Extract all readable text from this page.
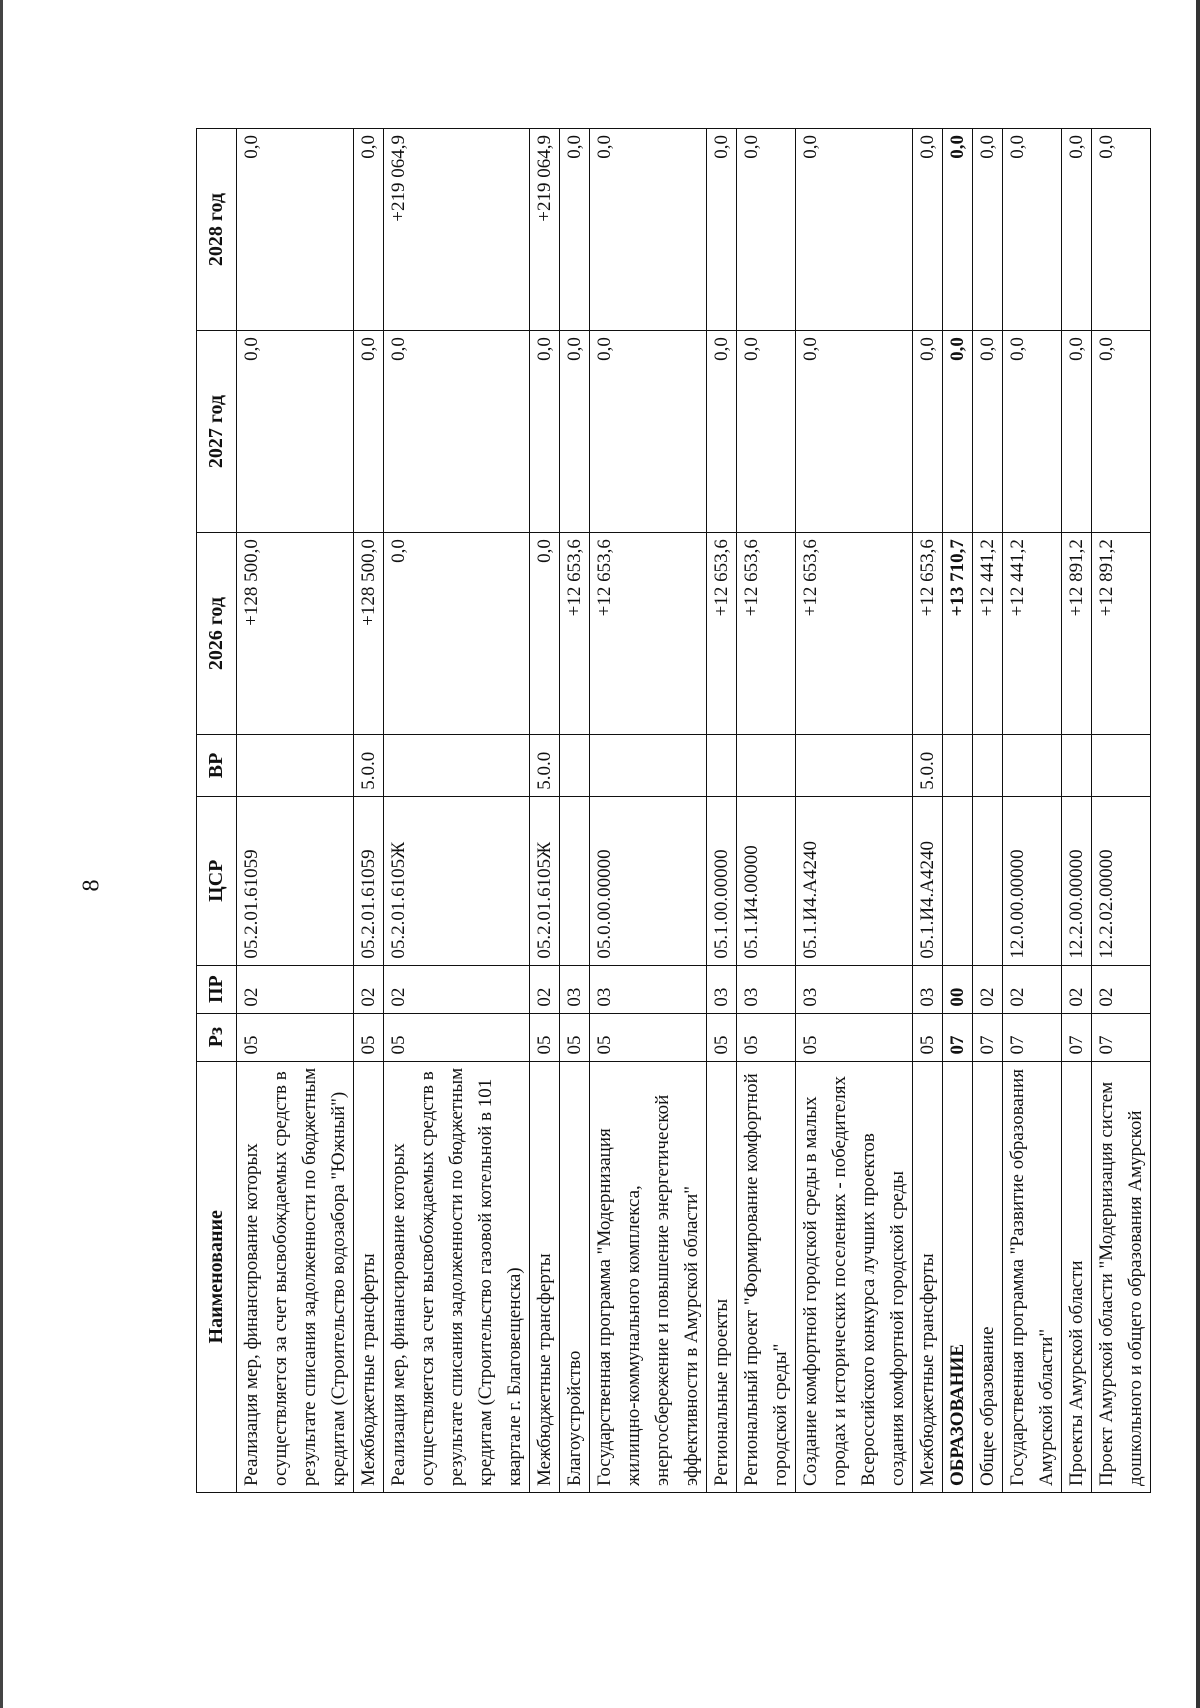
8
Наименование	Рз	ПР	ЦСР	ВР	2026 год	2027 год	2028 год
Реализация мер, финансирование которых осуществляется за счет высвобождаемых средств в результате списания задолженности по бюджетным кредитам (Строительство водозабора "Южный")	05	02	05.2.01.61059		+128 500,0	0,0	0,0
Межбюджетные трансферты	05	02	05.2.01.61059	5.0.0	+128 500,0	0,0	0,0
Реализация мер, финансирование которых осуществляется за счет высвобождаемых средств в результате списания задолженности по бюджетным кредитам (Строительство газовой котельной в 101 квартале г. Благовещенска)	05	02	05.2.01.6105Ж		0,0	0,0	+219 064,9
Межбюджетные трансферты	05	02	05.2.01.6105Ж	5.0.0	0,0	0,0	+219 064,9
Благоустройство	05	03			+12 653,6	0,0	0,0
Государственная программа "Модернизация жилищно-коммунального комплекса, энергосбережение и повышение энергетической эффективности в Амурской области"	05	03	05.0.00.00000		+12 653,6	0,0	0,0
Региональные проекты	05	03	05.1.00.00000		+12 653,6	0,0	0,0
Региональный проект "Формирование комфортной городской среды"	05	03	05.1.И4.00000		+12 653,6	0,0	0,0
Создание комфортной городской среды в малых городах и исторических поселениях - победителях Всероссийского конкурса лучших проектов создания комфортной городской среды	05	03	05.1.И4.А4240		+12 653,6	0,0	0,0
Межбюджетные трансферты	05	03	05.1.И4.А4240	5.0.0	+12 653,6	0,0	0,0
ОБРАЗОВАНИЕ	07	00			+13 710,7	0,0	0,0
Общее образование	07	02			+12 441,2	0,0	0,0
Государственная программа "Развитие образования Амурской области"	07	02	12.0.00.00000		+12 441,2	0,0	0,0
Проекты Амурской области	07	02	12.2.00.00000		+12 891,2	0,0	0,0
Проект Амурской области "Модернизация систем дошкольного и общего образования Амурской	07	02	12.2.02.00000		+12 891,2	0,0	0,0
